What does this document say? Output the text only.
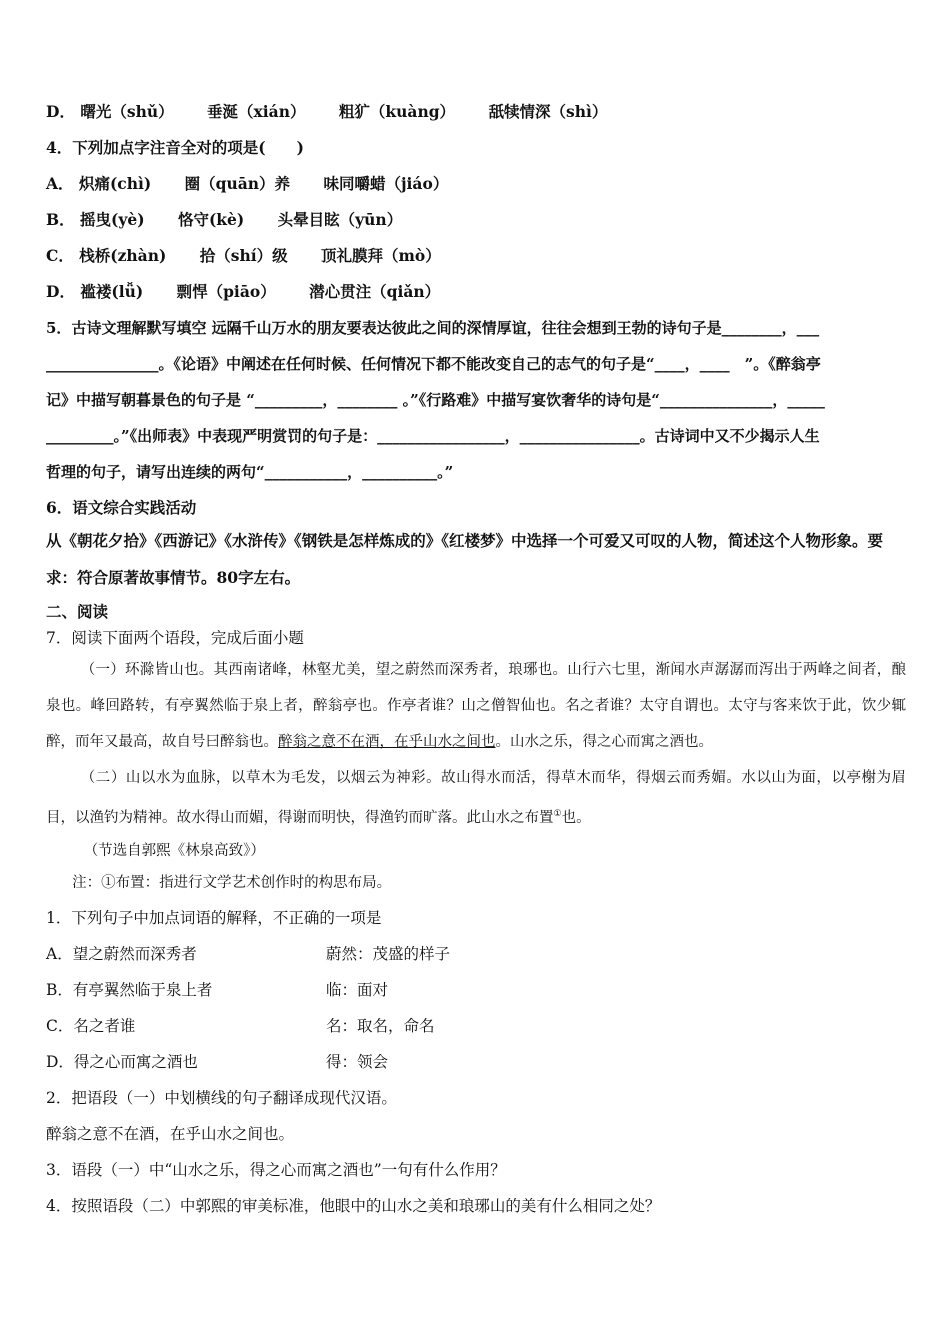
D． 曙光（shǔ） 垂涎（xián） 粗犷（kuàng） 舐犊情深（shì）
4．下列加点字注音全对的项是(　　)
A． 炽痛(chì) 圈（quān）养 味同嚼蜡（jiáo）
B． 摇曳(yè) 恪守(kè) 头晕目眩（yūn）
C． 栈桥(zhàn) 拾（shí）级 顶礼膜拜（mò）
D． 褴褛(lǚ) 剽悍（piāo） 潜心贯注（qiǎn）
5．古诗文理解默写填空 远隔千山万水的朋友要表达彼此之间的深情厚谊，往往会想到王勃的诗句子是________，___
_______________。《论语》中阐述在任何时候、任何情况下都不能改变自己的志气的句子是“____，____　”。《醉翁亭
记》中描写朝暮景色的句子是 “_________，________ 。”《行路难》中描写宴饮奢华的诗句是“_______________，_____
_________。”《出师表》中表现严明赏罚的句子是：_________________，________________。古诗词中又不少揭示人生
哲理的句子，请写出连续的两句“___________，__________。”
6．语文综合实践活动
从《朝花夕拾》《西游记》《水浒传》《钢铁是怎样炼成的》《红楼梦》中选择一个可爱又可叹的人物，简述这个人物形象。要求：符合原著故事情节。80字左右。
二、阅读
7．阅读下面两个语段，完成后面小题
（一）环滁皆山也。其西南诸峰，林壑尤美，望之蔚然而深秀者，琅琊也。山行六七里，渐闻水声潺潺而泻出于两峰之间者，酿泉也。峰回路转，有亭翼然临于泉上者，醉翁亭也。作亭者谁？山之僧智仙也。名之者谁？太守自谓也。太守与客来饮于此，饮少辄醉，而年又最高，故自号曰醉翁也。醉翁之意不在酒，在乎山水之间也。山水之乐，得之心而寓之酒也。
（二）山以水为血脉，以草木为毛发，以烟云为神彩。故山得水而活，得草木而华，得烟云而秀媚。水以山为面，以亭榭为眉目，以渔钓为精神。故水得山而媚，得谢而明快，得渔钓而旷落。此山水之布置①也。
（节选自郭熙《林泉高致》）
注：①布置：指进行文学艺术创作时的构思布局。
1．下列句子中加点词语的解释，不正确的一项是
A．望之蔚然而深秀者	蔚然：茂盛的样子
B．有亭翼然临于泉上者	临：面对
C．名之者谁	名：取名，命名
D．得之心而寓之酒也	得：领会
2．把语段（一）中划横线的句子翻译成现代汉语。
醉翁之意不在酒，在乎山水之间也。
3．语段（一）中“山水之乐，得之心而寓之酒也”一句有什么作用？
4．按照语段（二）中郭熙的审美标准，他眼中的山水之美和琅琊山的美有什么相同之处？
